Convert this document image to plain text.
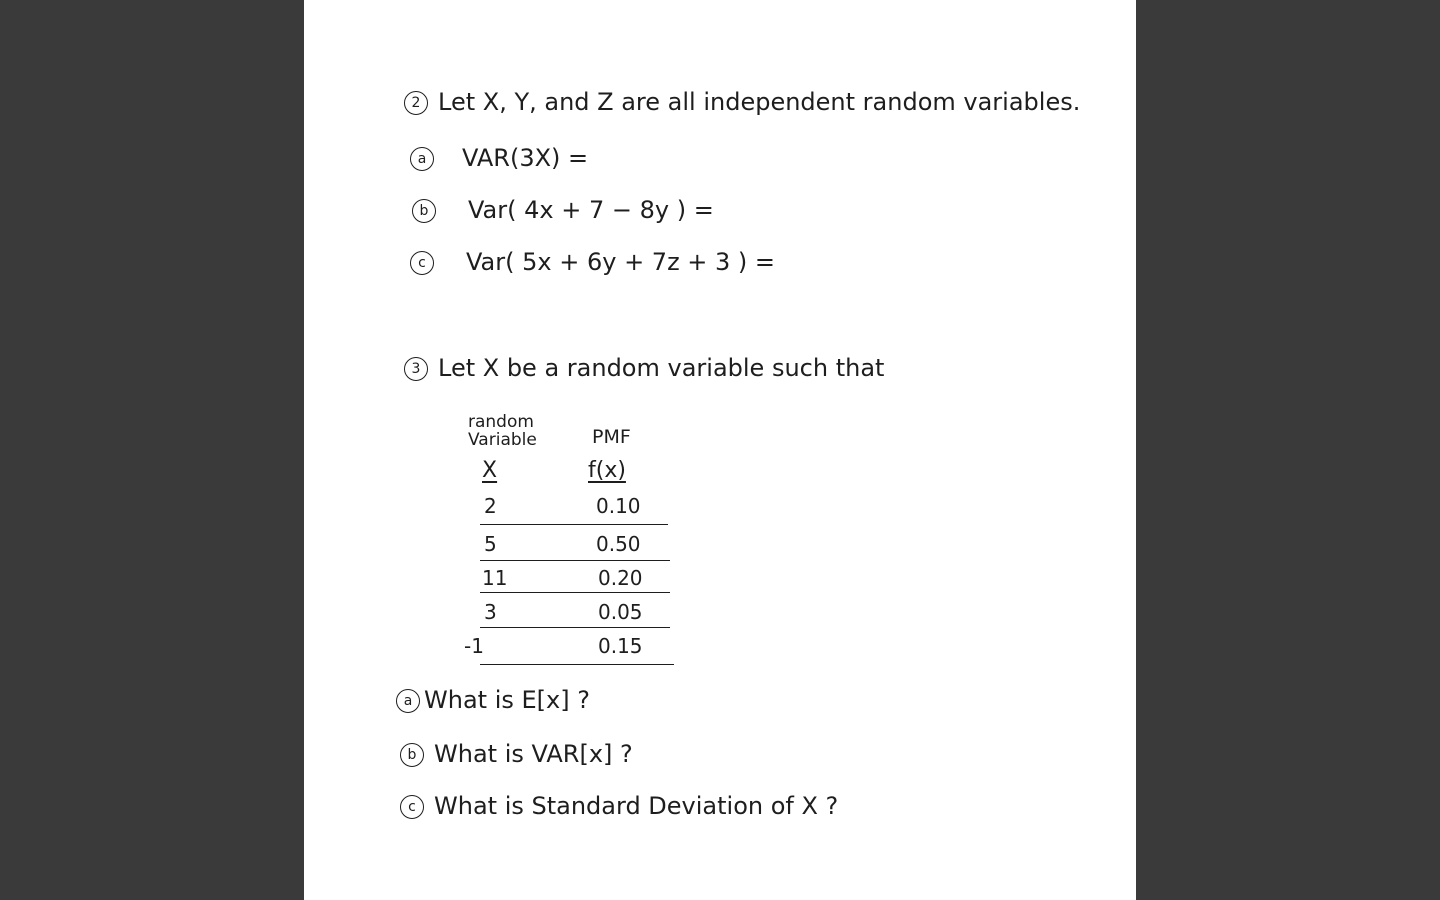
2 Let X, Y, and Z are all independent random variables.
a VAR(3X) =
b Var( 4x + 7 − 8y ) =
c Var( 5x + 6y + 7z + 3 ) =
3 Let X be a random variable such that
random
Variable	PMF
X	f(x)
2	0.10
5	0.50
11	0.20
3	0.05
-1	0.15
a What is E[x] ?
b What is VAR[x] ?
c What is Standard Deviation of X ?
